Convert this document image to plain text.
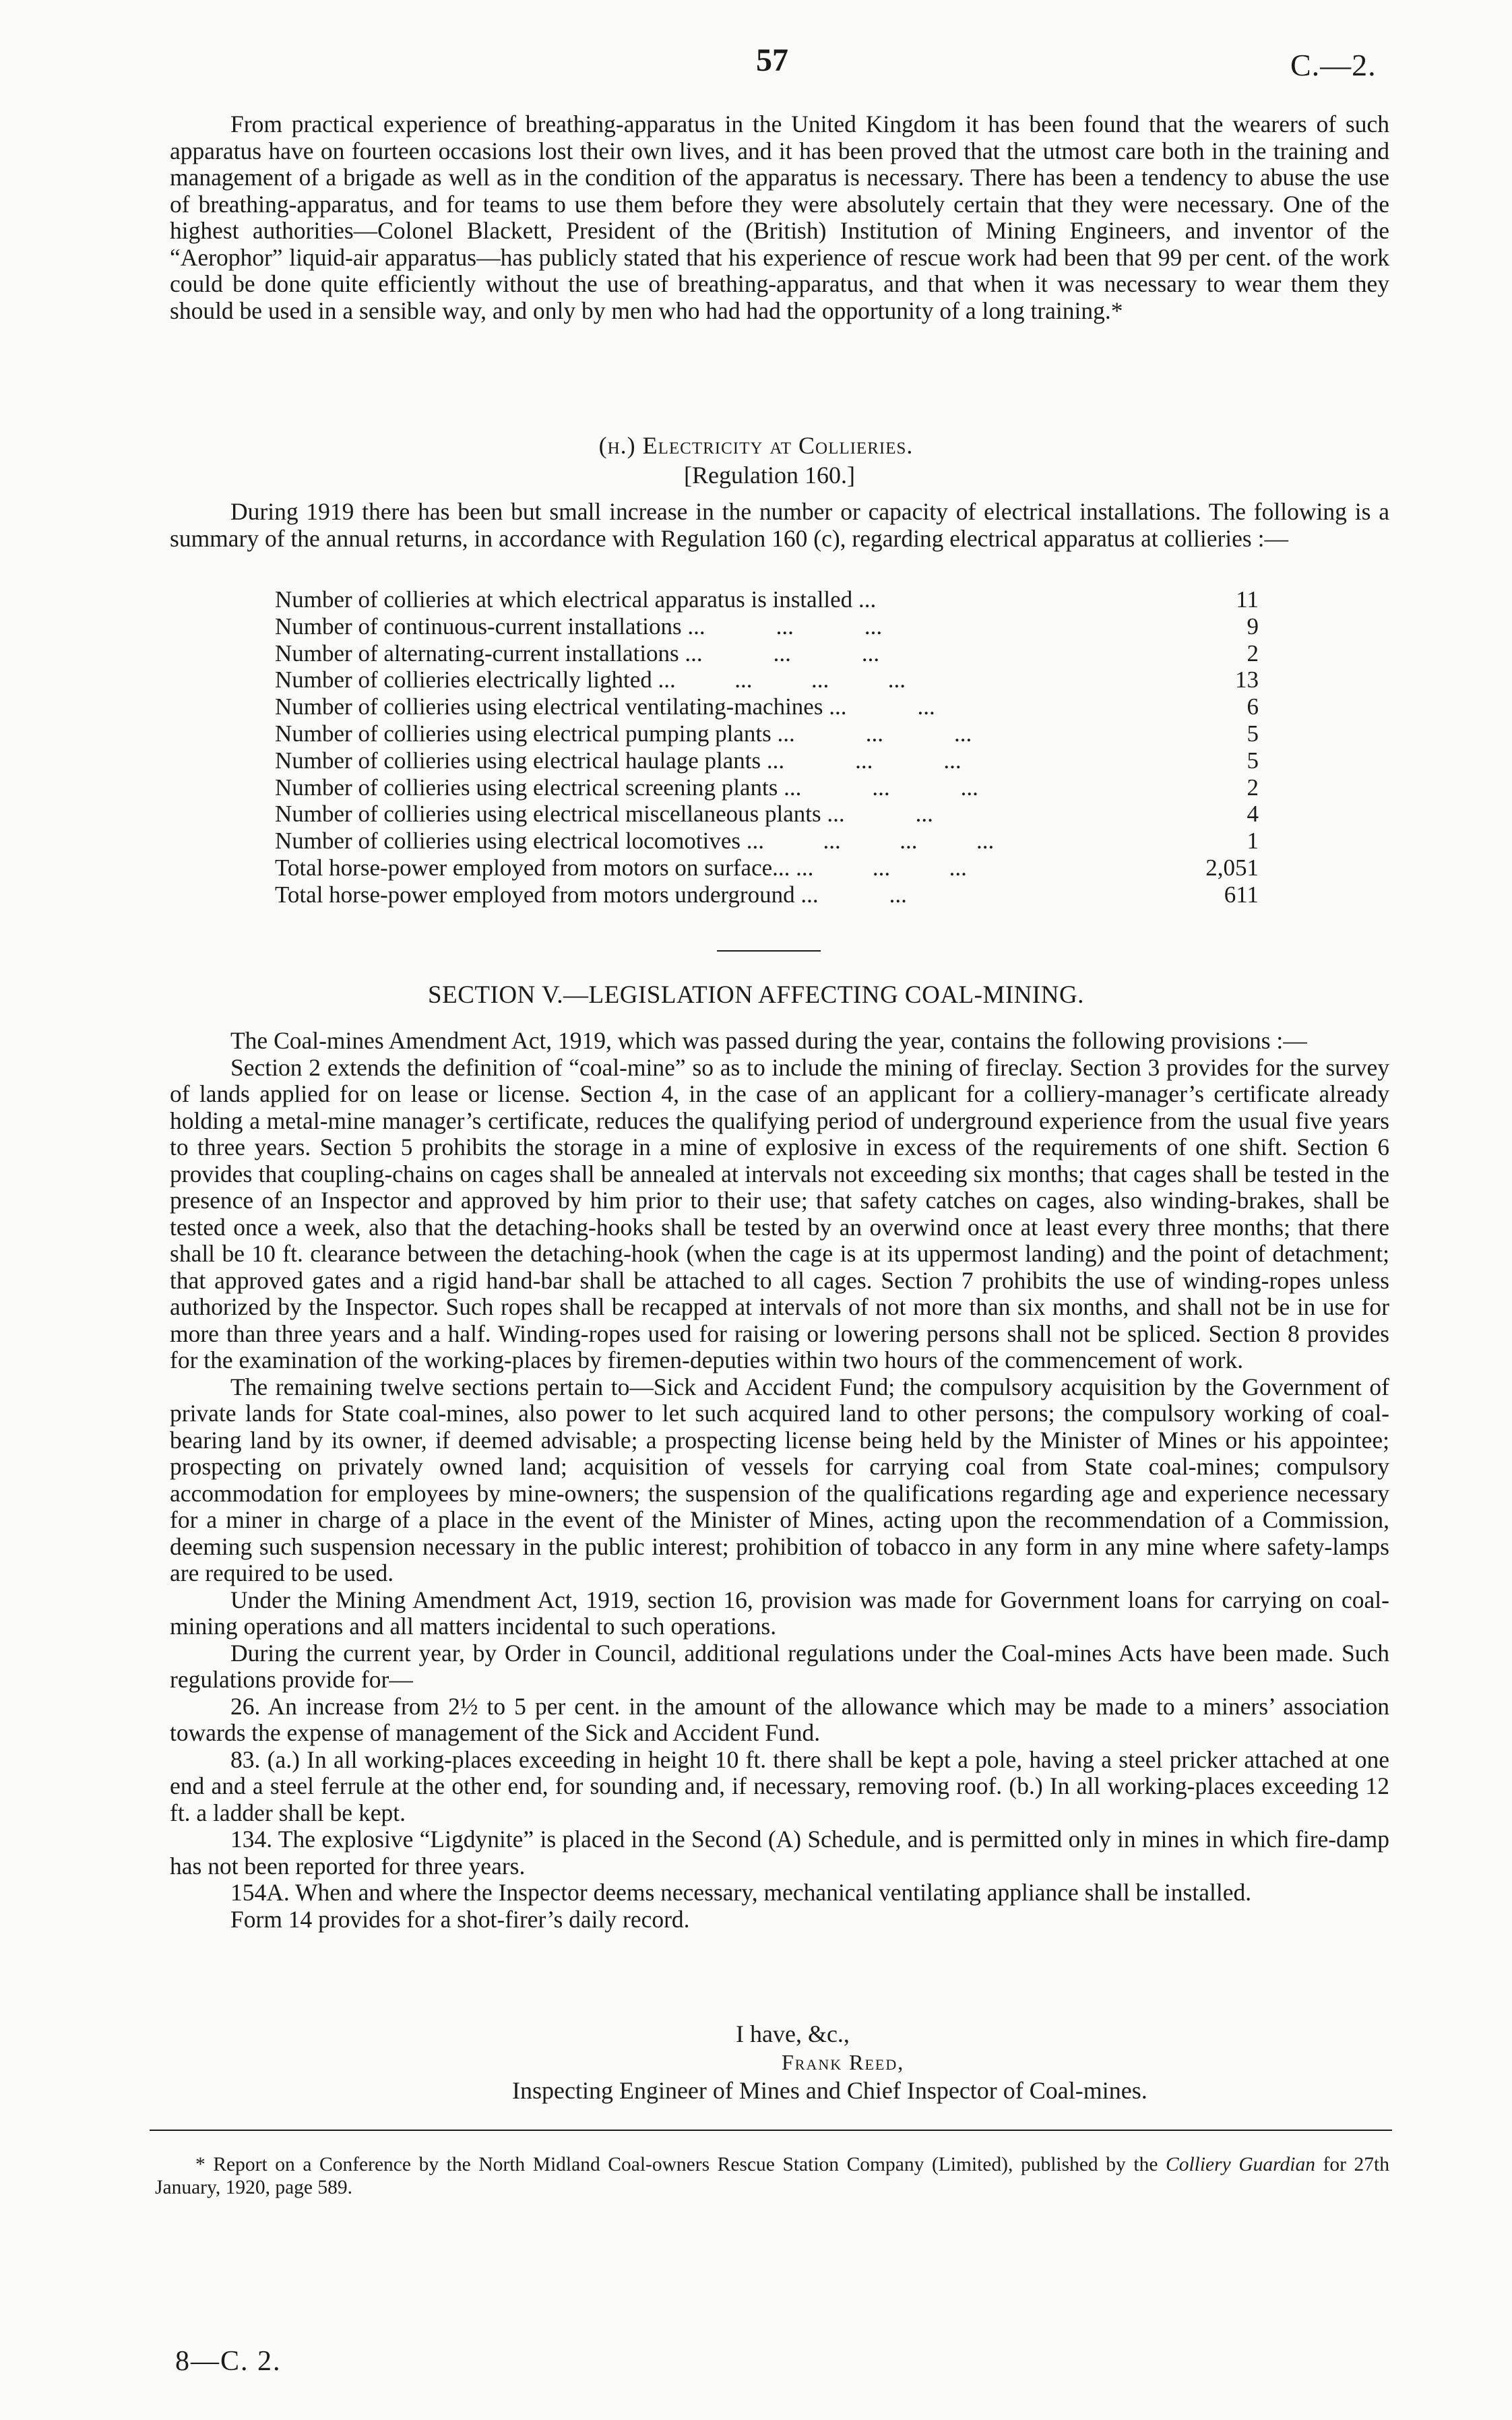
57	C.—2.

From practical experience of breathing-apparatus in the United Kingdom it has been found that the wearers of such apparatus have on fourteen occasions lost their own lives, and it has been proved that the utmost care both in the training and management of a brigade as well as in the condition of the apparatus is necessary. There has been a tendency to abuse the use of breathing-apparatus, and for teams to use them before they were absolutely certain that they were necessary. One of the highest authorities—Colonel Blackett, President of the (British) Institution of Mining Engineers, and inventor of the “Aerophor” liquid-air apparatus—has publicly stated that his experience of rescue work had been that 99 per cent. of the work could be done quite efficiently without the use of breathing-apparatus, and that when it was necessary to wear them they should be used in a sensible way, and only by men who had had the opportunity of a long training.*

(h.) Electricity at Collieries.
[Regulation 160.]

During 1919 there has been but small increase in the number or capacity of electrical installations. The following is a summary of the annual returns, in accordance with Regulation 160 (c), regarding electrical apparatus at collieries :—

Number of collieries at which electrical apparatus is installed ...	11
Number of continuous-current installations ...            ...            ...	9
Number of alternating-current installations ...            ...            ...	2
Number of collieries electrically lighted ...          ...          ...          ...	13
Number of collieries using electrical ventilating-machines ...            ...	6
Number of collieries using electrical pumping plants ...            ...            ...	5
Number of collieries using electrical haulage plants ...            ...            ...	5
Number of collieries using electrical screening plants ...            ...            ...	2
Number of collieries using electrical miscellaneous plants ...            ...	4
Number of collieries using electrical locomotives ...          ...          ...          ...	1
Total horse-power employed from motors on surface... ...          ...          ...	2,051
Total horse-power employed from motors underground ...            ...	611
SECTION V.—LEGISLATION AFFECTING COAL-MINING.

The Coal-mines Amendment Act, 1919, which was passed during the year, contains the following provisions :—

Section 2 extends the definition of “coal-mine” so as to include the mining of fireclay. Section 3 provides for the survey of lands applied for on lease or license. Section 4, in the case of an applicant for a colliery-manager’s certificate already holding a metal-mine manager’s certificate, reduces the qualifying period of underground experience from the usual five years to three years. Section 5 prohibits the storage in a mine of explosive in excess of the requirements of one shift. Section 6 provides that coupling-chains on cages shall be annealed at intervals not exceeding six months; that cages shall be tested in the presence of an Inspector and approved by him prior to their use; that safety catches on cages, also winding-brakes, shall be tested once a week, also that the detaching-hooks shall be tested by an overwind once at least every three months; that there shall be 10 ft. clearance between the detaching-hook (when the cage is at its uppermost landing) and the point of detachment; that approved gates and a rigid hand-bar shall be attached to all cages. Section 7 prohibits the use of winding-ropes unless authorized by the Inspector. Such ropes shall be recapped at intervals of not more than six months, and shall not be in use for more than three years and a half. Winding-ropes used for raising or lowering persons shall not be spliced. Section 8 provides for the examination of the working-places by firemen-deputies within two hours of the commencement of work.

The remaining twelve sections pertain to—Sick and Accident Fund; the compulsory acquisition by the Government of private lands for State coal-mines, also power to let such acquired land to other persons; the compulsory working of coal-bearing land by its owner, if deemed advisable; a prospecting license being held by the Minister of Mines or his appointee; prospecting on privately owned land; acquisition of vessels for carrying coal from State coal-mines; compulsory accommodation for employees by mine-owners; the suspension of the qualifications regarding age and experience necessary for a miner in charge of a place in the event of the Minister of Mines, acting upon the recommendation of a Commission, deeming such suspension necessary in the public interest; prohibition of tobacco in any form in any mine where safety-lamps are required to be used.

Under the Mining Amendment Act, 1919, section 16, provision was made for Government loans for carrying on coal-mining operations and all matters incidental to such operations.

During the current year, by Order in Council, additional regulations under the Coal-mines Acts have been made. Such regulations provide for—

26. An increase from 2½ to 5 per cent. in the amount of the allowance which may be made to a miners’ association towards the expense of management of the Sick and Accident Fund.

83. (a.) In all working-places exceeding in height 10 ft. there shall be kept a pole, having a steel pricker attached at one end and a steel ferrule at the other end, for sounding and, if necessary, removing roof. (b.) In all working-places exceeding 12 ft. a ladder shall be kept.

134. The explosive “Ligdynite” is placed in the Second (A) Schedule, and is permitted only in mines in which fire-damp has not been reported for three years.

154A. When and where the Inspector deems necessary, mechanical ventilating appliance shall be installed.

Form 14 provides for a shot-firer’s daily record.

I have, &c.,
Frank Reed,
Inspecting Engineer of Mines and Chief Inspector of Coal-mines.

* Report on a Conference by the North Midland Coal-owners Rescue Station Company (Limited), published by the Colliery Guardian for 27th January, 1920, page 589.

8—C. 2.
